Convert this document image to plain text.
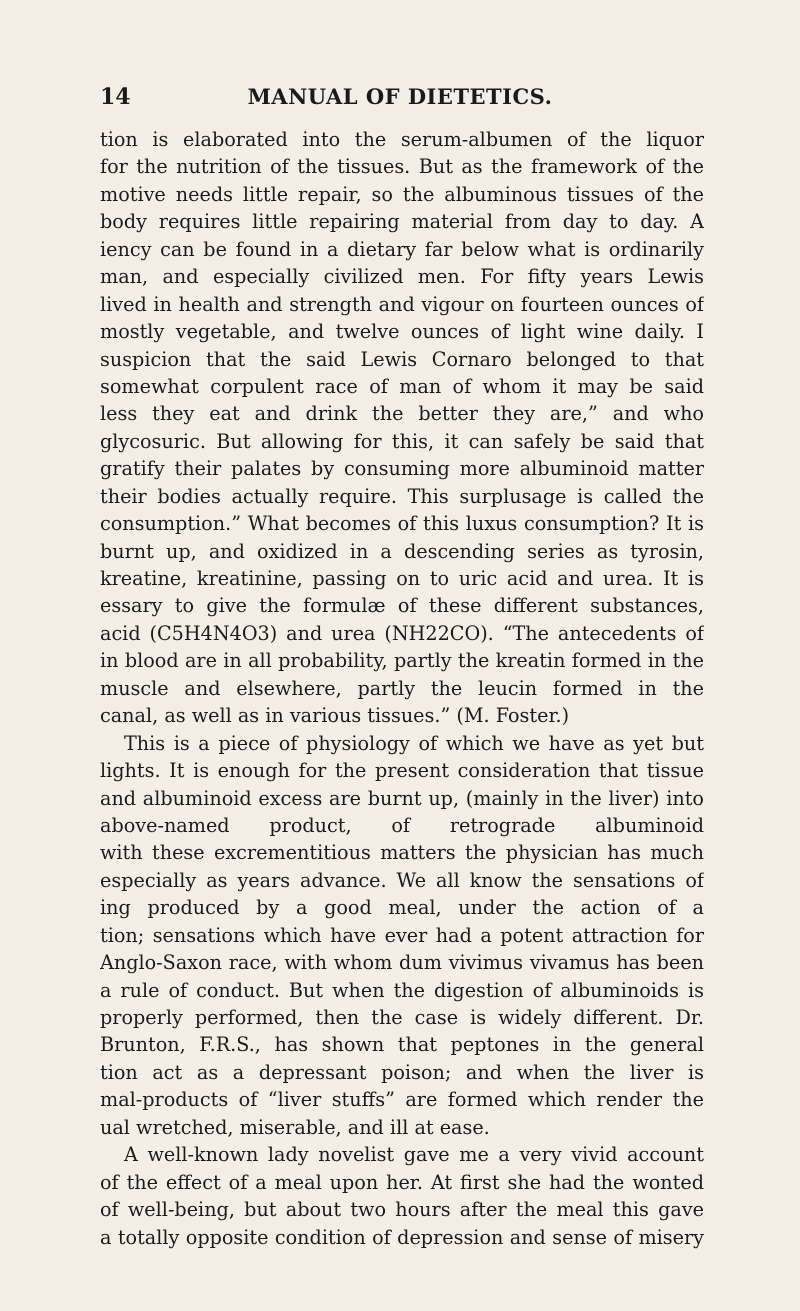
14	MANUAL OF DIETETICS.
tion is elaborated into the serum-albumen of the liquor
for the nutrition of the tissues. But as the framework of the
motive needs little repair, so the albuminous tissues of the
body requires little repairing material from day to day. A
iency can be found in a dietary far below what is ordinarily
man, and especially civilized men. For fifty years Lewis
lived in health and strength and vigour on fourteen ounces of
mostly vegetable, and twelve ounces of light wine daily. I
suspicion that the said Lewis Cornaro belonged to that
somewhat corpulent race of man of whom it may be said
less they eat and drink the better they are,” and who
glycosuric. But allowing for this, it can safely be said that
gratify their palates by consuming more albuminoid matter
their bodies actually require. This surplusage is called the
consumption.” What becomes of this luxus consumption? It is
burnt up, and oxidized in a descending series as tyrosin,
kreatine, kreatinine, passing on to uric acid and urea. It is
essary to give the formulæ of these different substances,
acid (C5H4N4O3) and urea (NH22CO). “The antecedents of
in blood are in all probability, partly the kreatin formed in the
muscle and elsewhere, partly the leucin formed in the
canal, as well as in various tissues.” (M. Foster.)
This is a piece of physiology of which we have as yet but
lights. It is enough for the present consideration that tissue
and albuminoid excess are burnt up, (mainly in the liver) into
above-named product, of retrograde albuminoid
with these excrementitious matters the physician has much
especially as years advance. We all know the sensations of
ing produced by a good meal, under the action of a
tion; sensations which have ever had a potent attraction for
Anglo-Saxon race, with whom dum vivimus vivamus has been
a rule of conduct. But when the digestion of albuminoids is
properly performed, then the case is widely different. Dr.
Brunton, F.R.S., has shown that peptones in the general
tion act as a depressant poison; and when the liver is
mal-products of “liver stuffs” are formed which render the
ual wretched, miserable, and ill at ease.
A well-known lady novelist gave me a very vivid account
of the effect of a meal upon her. At first she had the wonted
of well-being, but about two hours after the meal this gave
a totally opposite condition of depression and sense of misery
